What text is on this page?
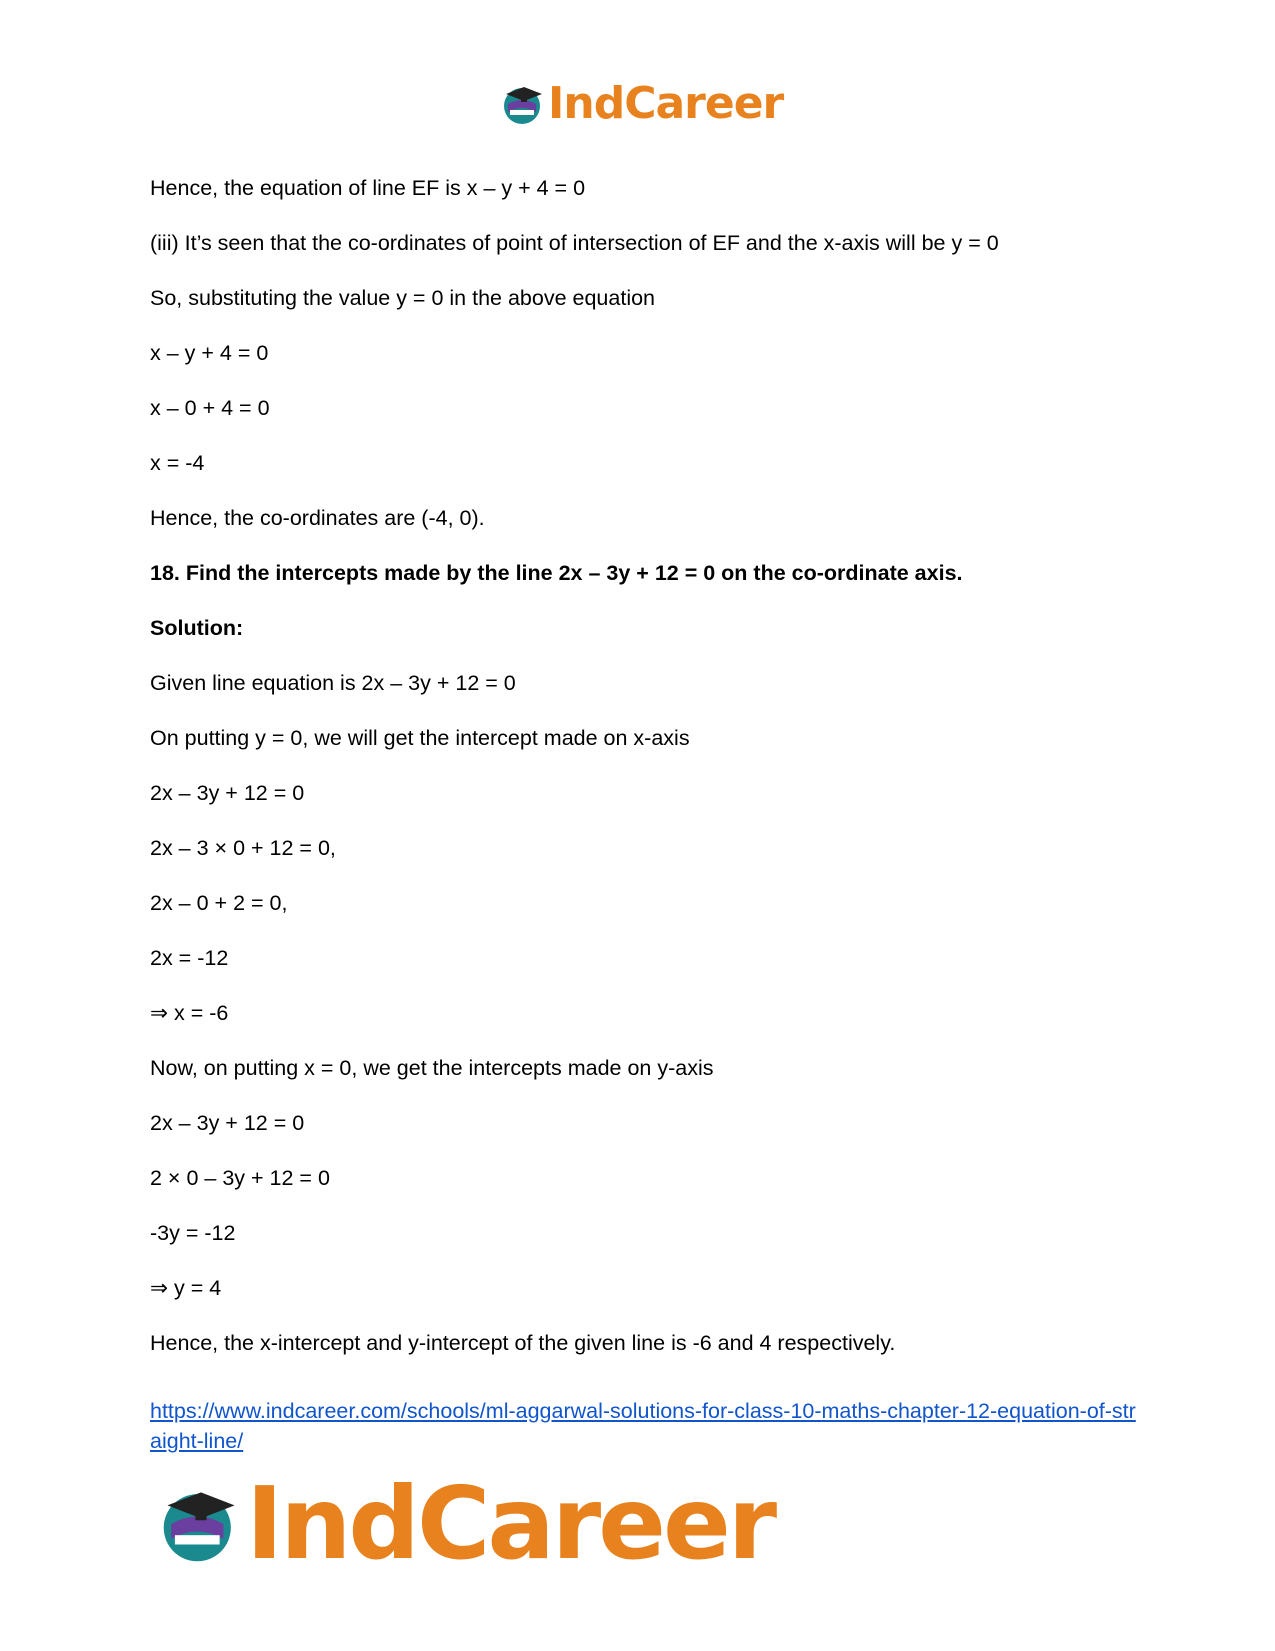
IndCareer
Hence, the equation of line EF is x – y + 4 = 0
(iii) It’s seen that the co-ordinates of point of intersection of EF and the x-axis will be y = 0
So, substituting the value y = 0 in the above equation
x – y + 4 = 0
x – 0 + 4 = 0
x = -4
Hence, the co-ordinates are (-4, 0).
18. Find the intercepts made by the line 2x – 3y + 12 = 0 on the co-ordinate axis.
Solution:
Given line equation is 2x – 3y + 12 = 0
On putting y = 0, we will get the intercept made on x-axis
2x – 3y + 12 = 0
2x – 3 × 0 + 12 = 0,
2x – 0 + 2 = 0,
2x = -12
⇒ x = -6
Now, on putting x = 0, we get the intercepts made on y-axis
2x – 3y + 12 = 0
2 × 0 – 3y + 12 = 0
-3y = -12
⇒ y = 4
Hence, the x-intercept and y-intercept of the given line is -6 and 4 respectively.
https://www.indcareer.com/schools/ml-aggarwal-solutions-for-class-10-maths-chapter-12-equation-of-straight-line/
IndCareer
